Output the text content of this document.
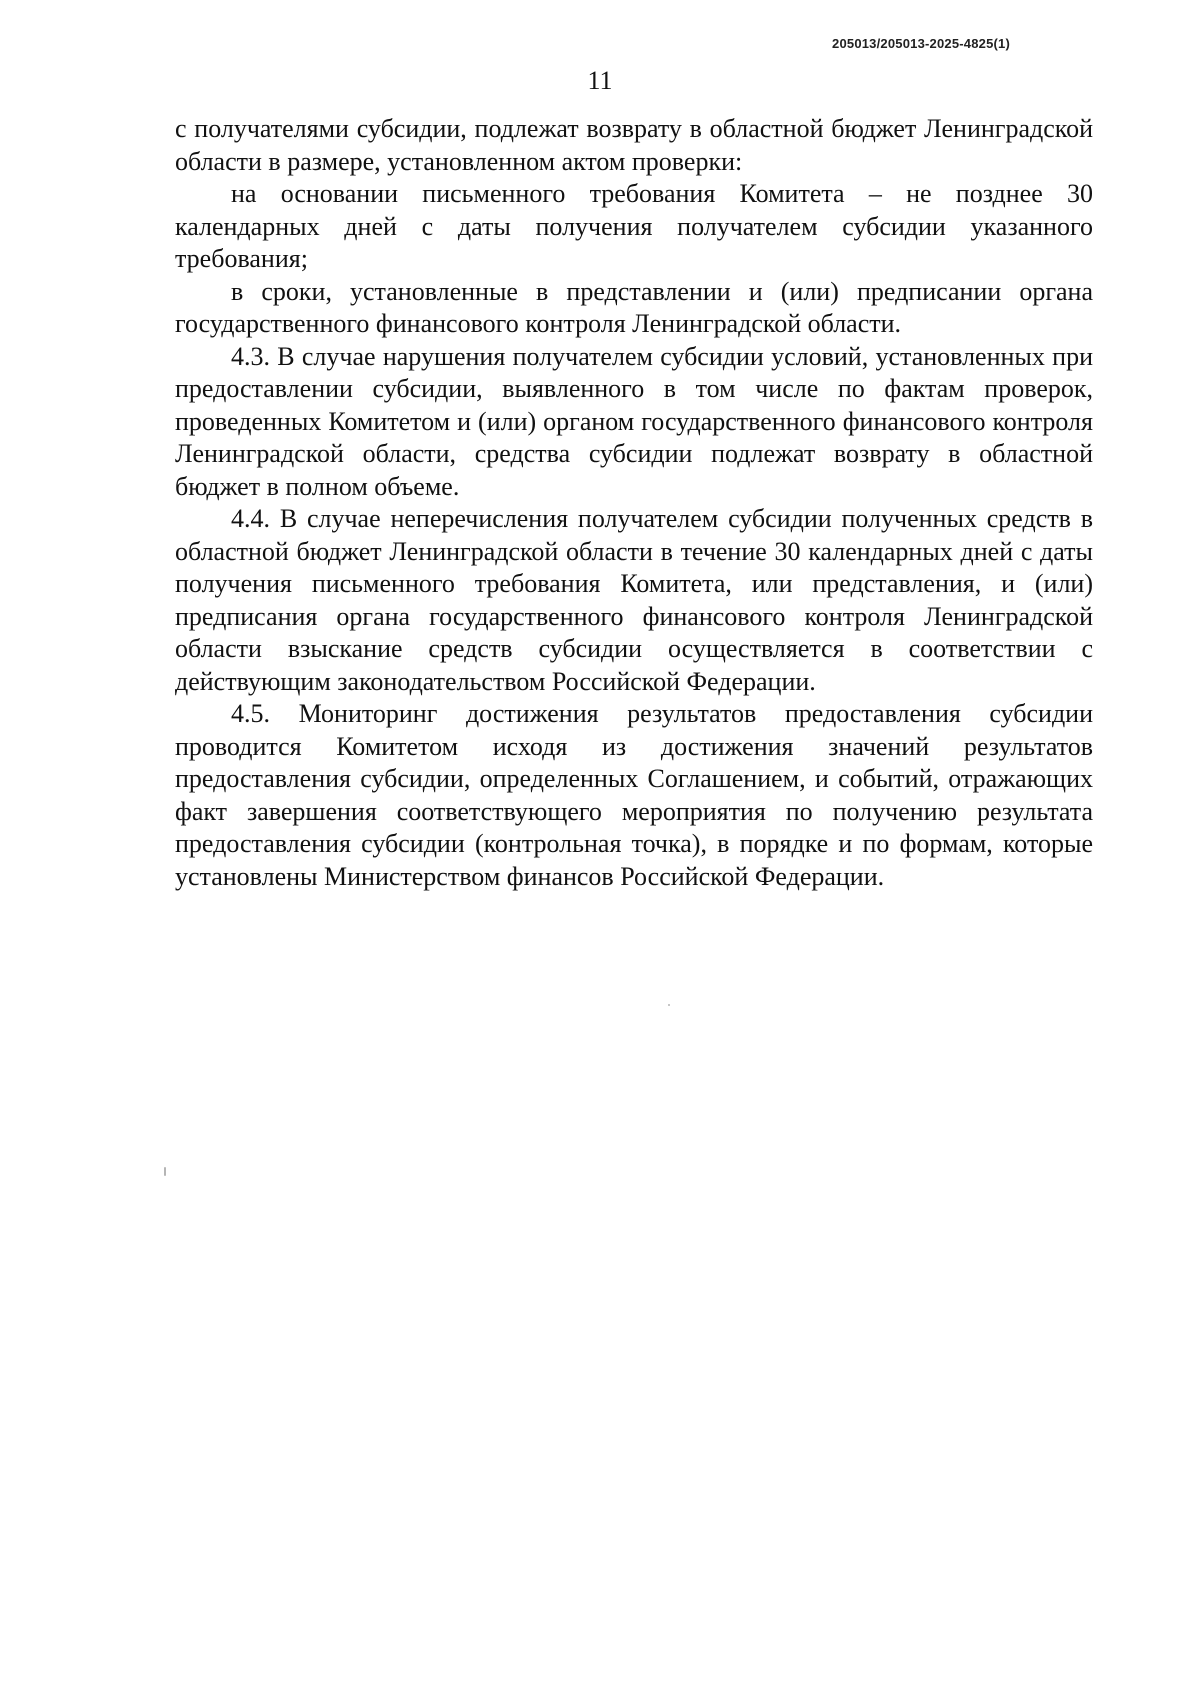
205013/205013-2025-4825(1)
11

с получателями субсидии, подлежат возврату в областной бюджет Ленинградской области в размере, установленном актом проверки:

на основании письменного требования Комитета – не позднее 30 календарных дней с даты получения получателем субсидии указанного требования;

в сроки, установленные в представлении и (или) предписании органа государственного финансового контроля Ленинградской области.

4.3. В случае нарушения получателем субсидии условий, установленных при предоставлении субсидии, выявленного в том числе по фактам проверок, проведенных Комитетом и (или) органом государственного финансового контроля Ленинградской области, средства субсидии подлежат возврату в областной бюджет в полном объеме.

4.4. В случае неперечисления получателем субсидии полученных средств в областной бюджет Ленинградской области в течение 30 календарных дней с даты получения письменного требования Комитета, или представления, и (или) предписания органа государственного финансового контроля Ленинградской области взыскание средств субсидии осуществляется в соответствии с действующим законодательством Российской Федерации.

4.5. Мониторинг достижения результатов предоставления субсидии проводится Комитетом исходя из достижения значений результатов предоставления субсидии, определенных Соглашением, и событий, отражающих факт завершения соответствующего мероприятия по получению результата предоставления субсидии (контрольная точка), в порядке и по формам, которые установлены Министерством финансов Российской Федерации.
